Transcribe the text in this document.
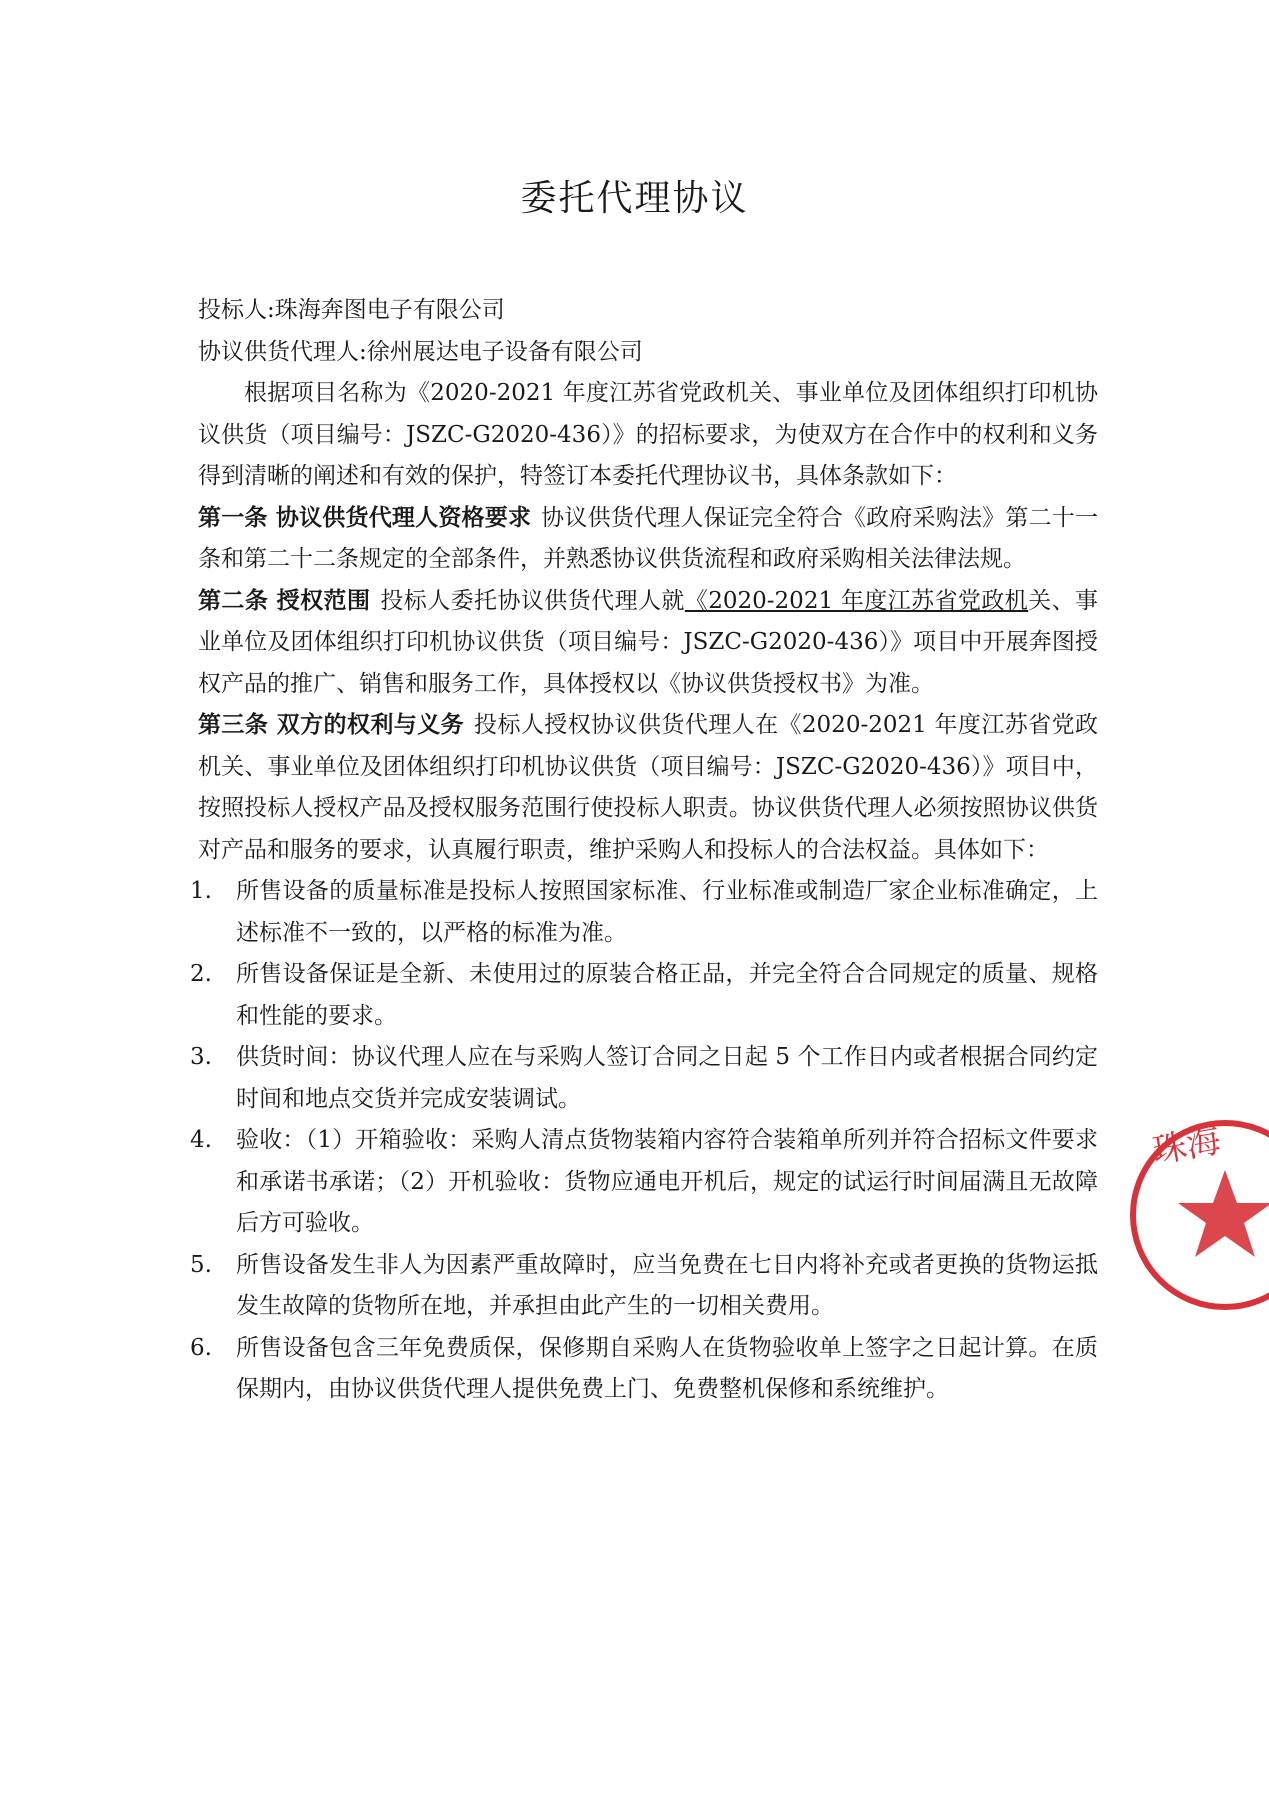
委托代理协议

投标人:珠海奔图电子有限公司

协议供货代理人:徐州展达电子设备有限公司

根据项目名称为《2020-2021 年度江苏省党政机关、事业单位及团体组织打印机协议供货（项目编号：JSZC-G2020-436）》的招标要求，为使双方在合作中的权利和义务得到清晰的阐述和有效的保护，特签订本委托代理协议书，具体条款如下：

第一条 协议供货代理人资格要求 协议供货代理人保证完全符合《政府采购法》第二十一条和第二十二条规定的全部条件，并熟悉协议供货流程和政府采购相关法律法规。

第二条 授权范围 投标人委托协议供货代理人就《2020-2021 年度江苏省党政机关、事业单位及团体组织打印机协议供货（项目编号：JSZC-G2020-436）》项目中开展奔图授权产品的推广、销售和服务工作，具体授权以《协议供货授权书》为准。

第三条 双方的权利与义务 投标人授权协议供货代理人在《2020-2021 年度江苏省党政机关、事业单位及团体组织打印机协议供货（项目编号：JSZC-G2020-436）》项目中，按照投标人授权产品及授权服务范围行使投标人职责。协议供货代理人必须按照协议供货对产品和服务的要求，认真履行职责，维护采购人和投标人的合法权益。具体如下：

1. 所售设备的质量标准是投标人按照国家标准、行业标准或制造厂家企业标准确定，上述标准不一致的，以严格的标准为准。
2. 所售设备保证是全新、未使用过的原装合格正品，并完全符合合同规定的质量、规格和性能的要求。
3. 供货时间：协议代理人应在与采购人签订合同之日起 5 个工作日内或者根据合同约定时间和地点交货并完成安装调试。
4. 验收：（1）开箱验收：采购人清点货物装箱内容符合装箱单所列并符合招标文件要求和承诺书承诺；（2）开机验收：货物应通电开机后，规定的试运行时间届满且无故障后方可验收。
5. 所售设备发生非人为因素严重故障时，应当免费在七日内将补充或者更换的货物运抵发生故障的货物所在地，并承担由此产生的一切相关费用。
6. 所售设备包含三年免费质保，保修期自采购人在货物验收单上签字之日起计算。在质保期内，由协议供货代理人提供免费上门、免费整机保修和系统维护。
珠海
